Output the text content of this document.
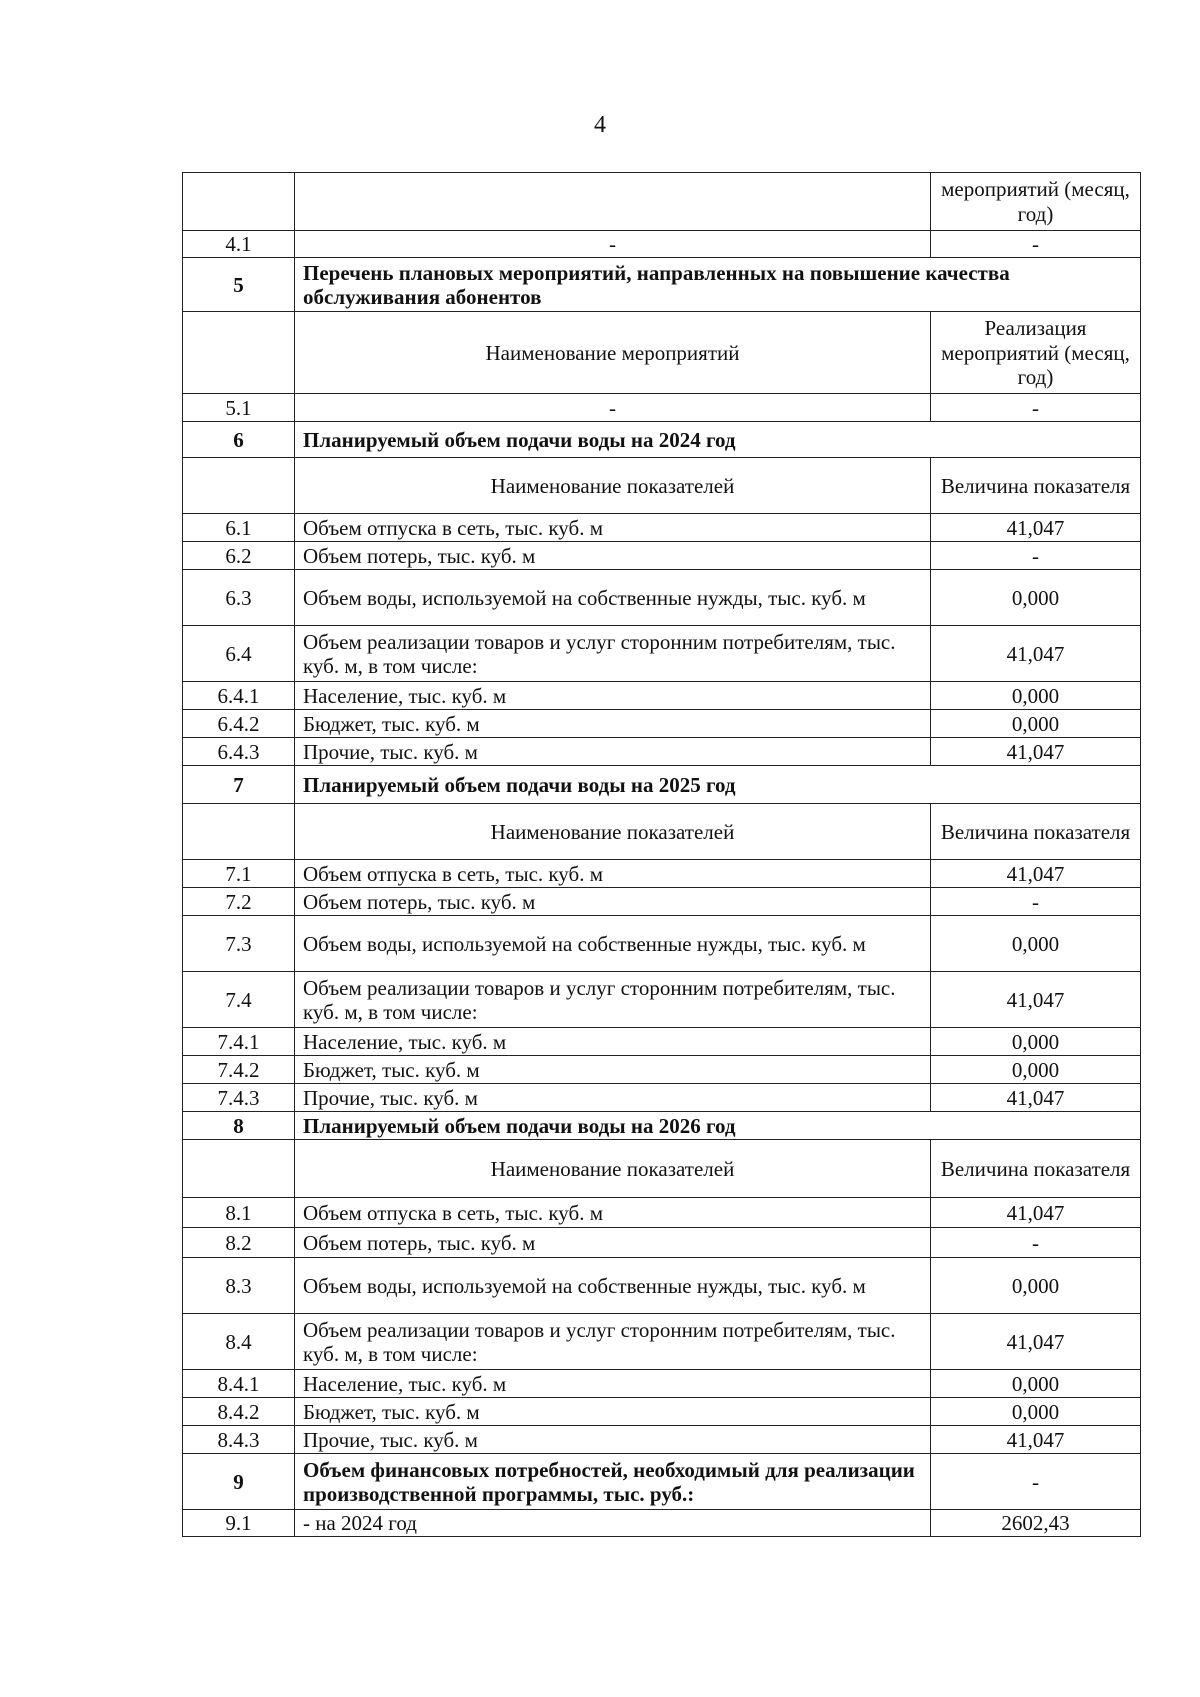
4
		мероприятий (месяц, год)
4.1	-	-
5	Перечень плановых мероприятий, направленных на повышение качества обслуживания абонентов	
	Наименование мероприятий	Реализация мероприятий (месяц, год)
5.1	-	-
6	Планируемый объем подачи воды на 2024 год	
	Наименование показателей	Величина показателя
6.1	Объем отпуска в сеть, тыс. куб. м	41,047
6.2	Объем потерь, тыс. куб. м	-
6.3	Объем воды, используемой на собственные нужды, тыс. куб. м	0,000
6.4	Объем реализации товаров и услуг сторонним потребителям, тыс. куб. м, в том числе:	41,047
6.4.1	Население, тыс. куб. м	0,000
6.4.2	Бюджет, тыс. куб. м	0,000
6.4.3	Прочие, тыс. куб. м	41,047
7	Планируемый объем подачи воды на 2025 год	
	Наименование показателей	Величина показателя
7.1	Объем отпуска в сеть, тыс. куб. м	41,047
7.2	Объем потерь, тыс. куб. м	-
7.3	Объем воды, используемой на собственные нужды, тыс. куб. м	0,000
7.4	Объем реализации товаров и услуг сторонним потребителям, тыс. куб. м, в том числе:	41,047
7.4.1	Население, тыс. куб. м	0,000
7.4.2	Бюджет, тыс. куб. м	0,000
7.4.3	Прочие, тыс. куб. м	41,047
8	Планируемый объем подачи воды на 2026 год	
	Наименование показателей	Величина показателя
8.1	Объем отпуска в сеть, тыс. куб. м	41,047
8.2	Объем потерь, тыс. куб. м	-
8.3	Объем воды, используемой на собственные нужды, тыс. куб. м	0,000
8.4	Объем реализации товаров и услуг сторонним потребителям, тыс. куб. м, в том числе:	41,047
8.4.1	Население, тыс. куб. м	0,000
8.4.2	Бюджет, тыс. куб. м	0,000
8.4.3	Прочие, тыс. куб. м	41,047
9	Объем финансовых потребностей, необходимый для реализации производственной программы, тыс. руб.:	-
9.1	- на 2024 год	2602,43
